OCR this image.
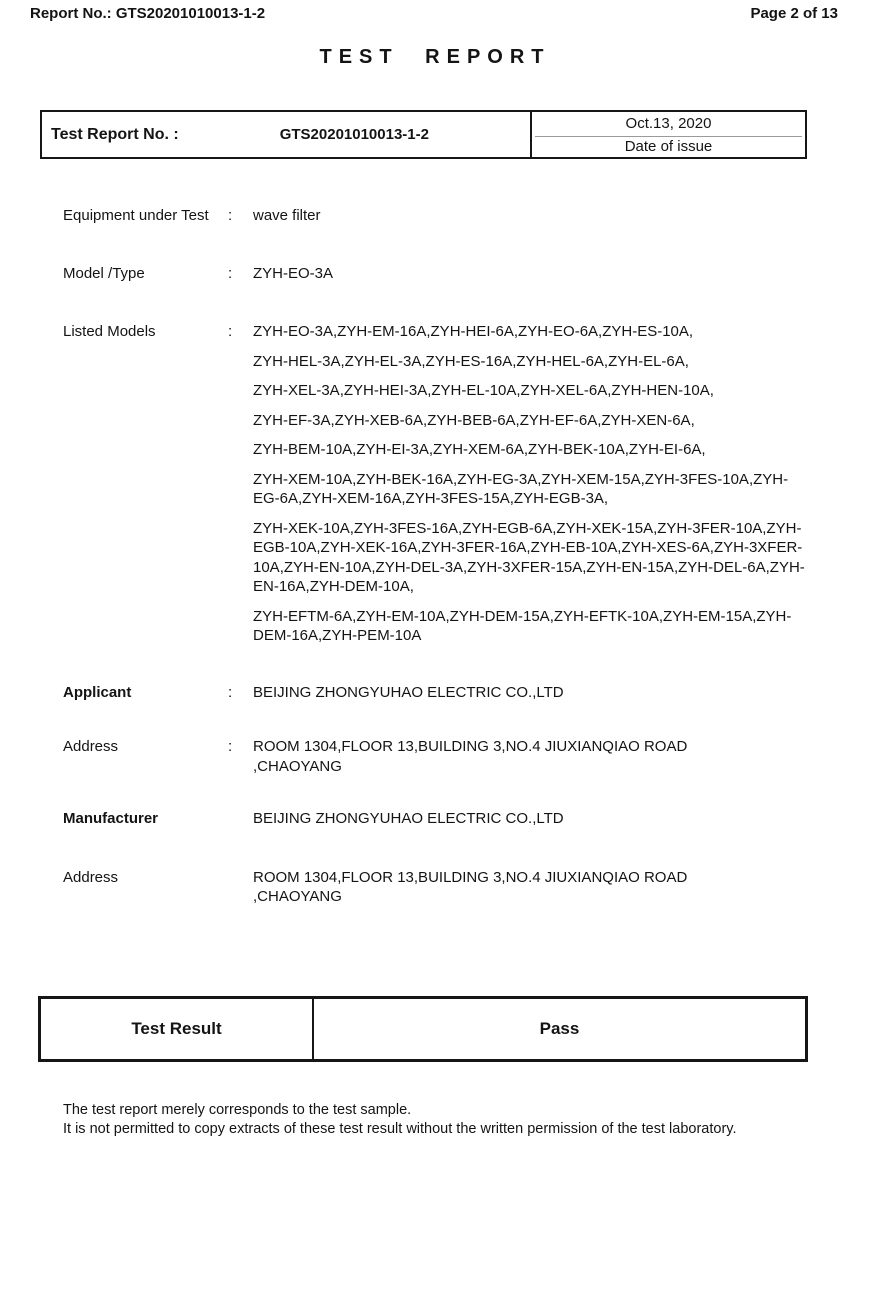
Report No.: GTS20201010013-1-2	Page 2 of 13
TEST REPORT
Test Report No. :	GTS20201010013-1-2
Oct.13, 2020
Date of issue
Equipment under Test	:	wave filter
Model /Type	:	ZYH-EO-3A
Listed Models	:	ZYH-EO-3A,ZYH-EM-16A,ZYH-HEI-6A,ZYH-EO-6A,ZYH-ES-10A,

ZYH-HEL-3A,ZYH-EL-3A,ZYH-ES-16A,ZYH-HEL-6A,ZYH-EL-6A,

ZYH-XEL-3A,ZYH-HEI-3A,ZYH-EL-10A,ZYH-XEL-6A,ZYH-HEN-10A,

ZYH-EF-3A,ZYH-XEB-6A,ZYH-BEB-6A,ZYH-EF-6A,ZYH-XEN-6A,

ZYH-BEM-10A,ZYH-EI-3A,ZYH-XEM-6A,ZYH-BEK-10A,ZYH-EI-6A,

ZYH-XEM-10A,ZYH-BEK-16A,ZYH-EG-3A,ZYH-XEM-15A,ZYH-3FES-10A,ZYH-EG-6A,ZYH-XEM-16A,ZYH-3FES-15A,ZYH-EGB-3A,

ZYH-XEK-10A,ZYH-3FES-16A,ZYH-EGB-6A,ZYH-XEK-15A,ZYH-3FER-10A,ZYH-EGB-10A,ZYH-XEK-16A,ZYH-3FER-16A,ZYH-EB-10A,ZYH-XES-6A,ZYH-3XFER-10A,ZYH-EN-10A,ZYH-DEL-3A,ZYH-3XFER-15A,ZYH-EN-15A,ZYH-DEL-6A,ZYH-EN-16A,ZYH-DEM-10A,

ZYH-EFTM-6A,ZYH-EM-10A,ZYH-DEM-15A,ZYH-EFTK-10A,ZYH-EM-15A,ZYH-DEM-16A,ZYH-PEM-10A

Applicant	:	BEIJING ZHONGYUHAO ELECTRIC CO.,LTD
Address	:	ROOM 1304,FLOOR 13,BUILDING 3,NO.4 JIUXIANQIAO ROAD ,CHAOYANG
Manufacturer	BEIJING ZHONGYUHAO ELECTRIC CO.,LTD
Address	ROOM 1304,FLOOR 13,BUILDING 3,NO.4 JIUXIANQIAO ROAD ,CHAOYANG
Test Result	Pass

The test report merely corresponds to the test sample.

It is not permitted to copy extracts of these test result without the written permission of the test laboratory.
